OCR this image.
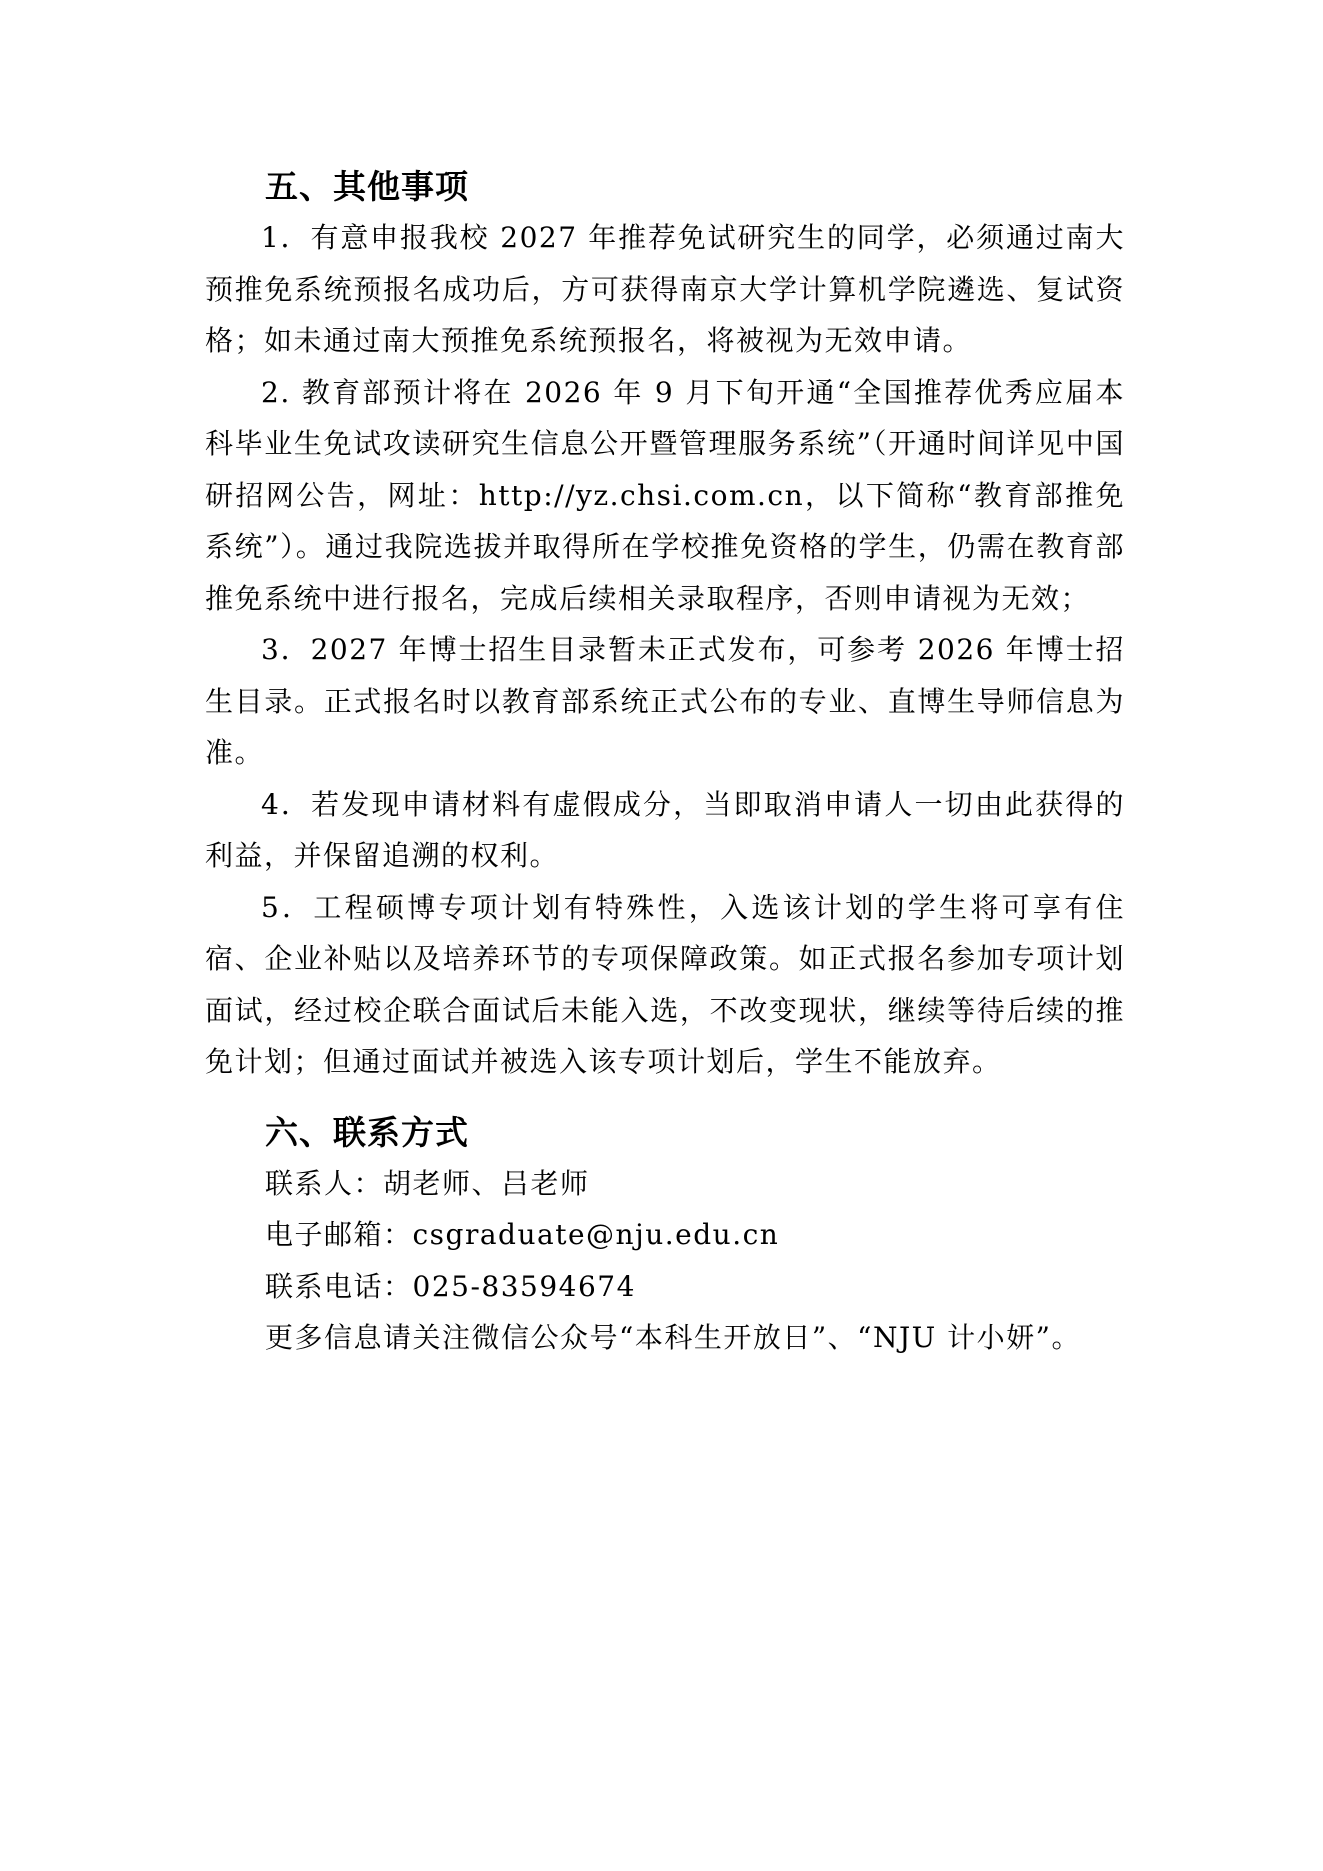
五、其他事项

1．有意申报我校 2027 年推荐免试研究生的同学，必须通过南大预推免系统预报名成功后，方可获得南京大学计算机学院遴选、复试资格；如未通过南大预推免系统预报名，将被视为无效申请。

2. 教育部预计将在 2026 年 9 月下旬开通“全国推荐优秀应届本科毕业生免试攻读研究生信息公开暨管理服务系统”（开通时间详见中国研招网公告，网址：http://yz.chsi.com.cn，以下简称“教育部推免系统”）。通过我院选拔并取得所在学校推免资格的学生，仍需在教育部推免系统中进行报名，完成后续相关录取程序，否则申请视为无效；

3．2027 年博士招生目录暂未正式发布，可参考 2026 年博士招生目录。正式报名时以教育部系统正式公布的专业、直博生导师信息为准。

4．若发现申请材料有虚假成分，当即取消申请人一切由此获得的利益，并保留追溯的权利。

5．工程硕博专项计划有特殊性，入选该计划的学生将可享有住宿、企业补贴以及培养环节的专项保障政策。如正式报名参加专项计划面试，经过校企联合面试后未能入选，不改变现状，继续等待后续的推免计划；但通过面试并被选入该专项计划后，学生不能放弃。

六、联系方式
联系人：胡老师、吕老师
电子邮箱：csgraduate@nju.edu.cn
联系电话：025-83594674
更多信息请关注微信公众号“本科生开放日”、“NJU 计小妍”。
